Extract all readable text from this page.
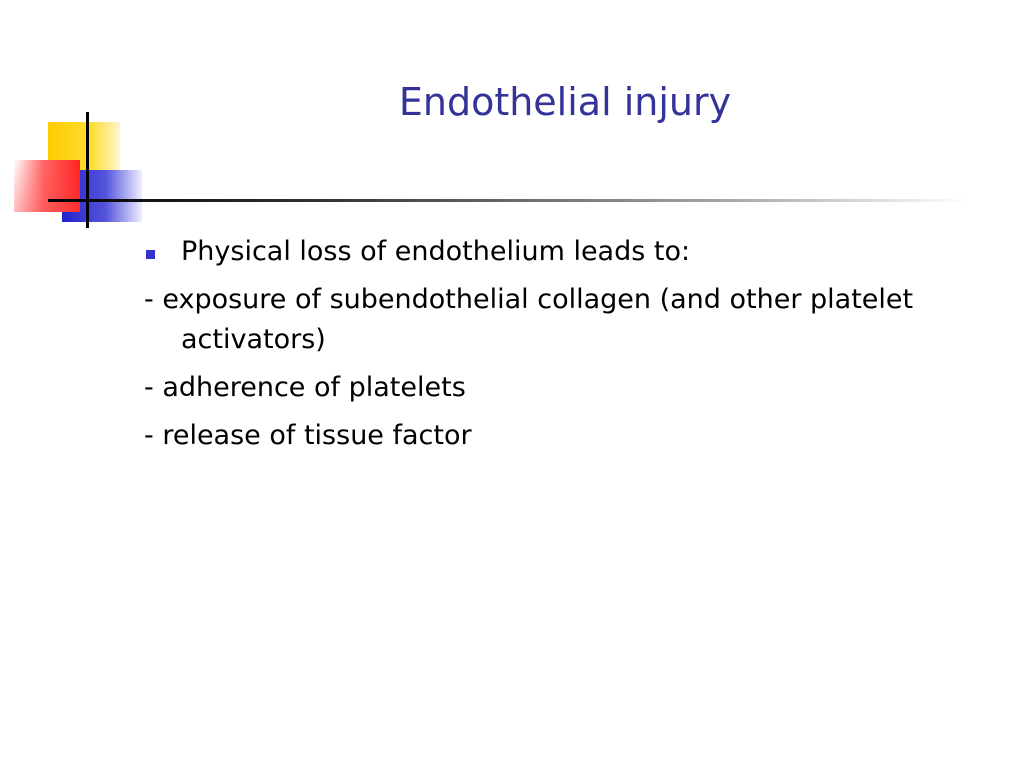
Endothelial injury
Physical loss of endothelium leads to:
- exposure of subendothelial collagen (and other platelet activators)
- adherence of platelets
- release of tissue factor
